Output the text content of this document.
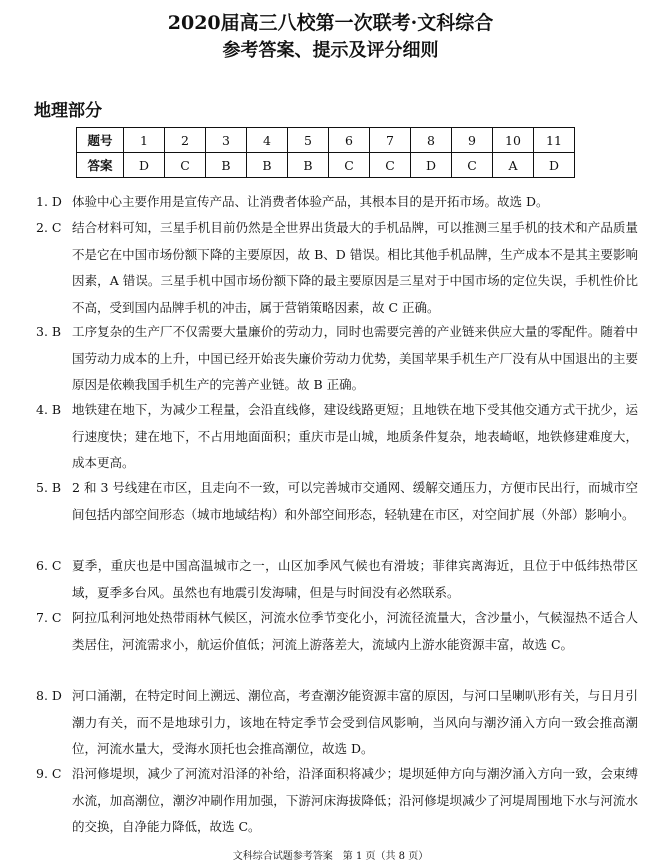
2020届高三八校第一次联考·文科综合
参考答案、提示及评分细则
地理部分
题号	1	2	3	4	5	6	7	8	9	10	11
答案	D	C	B	B	B	C	C	D	C	A	D
1. D 体验中心主要作用是宣传产品、让消费者体验产品，其根本目的是开拓市场。故选 D。
2. C 结合材料可知，三星手机目前仍然是全世界出货最大的手机品牌，可以推测三星手机的技术和产品质量不是它在中国市场份额下降的主要原因，故 B、D 错误。相比其他手机品牌，生产成本不是其主要影响因素，A 错误。三星手机中国市场份额下降的最主要原因是三星对于中国市场的定位失误，手机性价比不高，受到国内品牌手机的冲击，属于营销策略因素，故 C 正确。
3. B 工序复杂的生产厂不仅需要大量廉价的劳动力，同时也需要完善的产业链来供应大量的零配件。随着中国劳动力成本的上升，中国已经开始丧失廉价劳动力优势，美国苹果手机生产厂没有从中国退出的主要原因是依赖我国手机生产的完善产业链。故 B 正确。
4. B 地铁建在地下，为减少工程量，会沿直线修，建设线路更短；且地铁在地下受其他交通方式干扰少，运行速度快；建在地下，不占用地面面积；重庆市是山城，地质条件复杂，地表崎岖，地铁修建难度大，成本更高。
5. B 2 和 3 号线建在市区，且走向不一致，可以完善城市交通网、缓解交通压力，方便市民出行，而城市空间包括内部空间形态（城市地域结构）和外部空间形态，轻轨建在市区，对空间扩展（外部）影响小。
6. C 夏季，重庆也是中国高温城市之一，山区加季风气候也有滑坡；菲律宾离海近，且位于中低纬热带区域，夏季多台风。虽然也有地震引发海啸，但是与时间没有必然联系。
7. C 阿拉瓜利河地处热带雨林气候区，河流水位季节变化小，河流径流量大，含沙量小，气候湿热不适合人类居住，河流需求小，航运价值低；河流上游落差大，流域内上游水能资源丰富，故选 C。
8. D 河口涌潮，在特定时间上溯远、潮位高，考查潮汐能资源丰富的原因，与河口呈喇叭形有关，与日月引潮力有关，而不是地球引力，该地在特定季节会受到信风影响，当风向与潮汐涌入方向一致会推高潮位，河流水量大，受海水顶托也会推高潮位，故选 D。
9. C 沿河修堤坝，减少了河流对沿泽的补给，沿泽面积将减少；堤坝延伸方向与潮汐涌入方向一致，会束缚水流，加高潮位，潮汐冲刷作用加强，下游河床海拔降低；沿河修堤坝减少了河堤周围地下水与河流水的交换，自净能力降低，故选 C。
文科综合试题参考答案　第 1 页（共 8 页）
